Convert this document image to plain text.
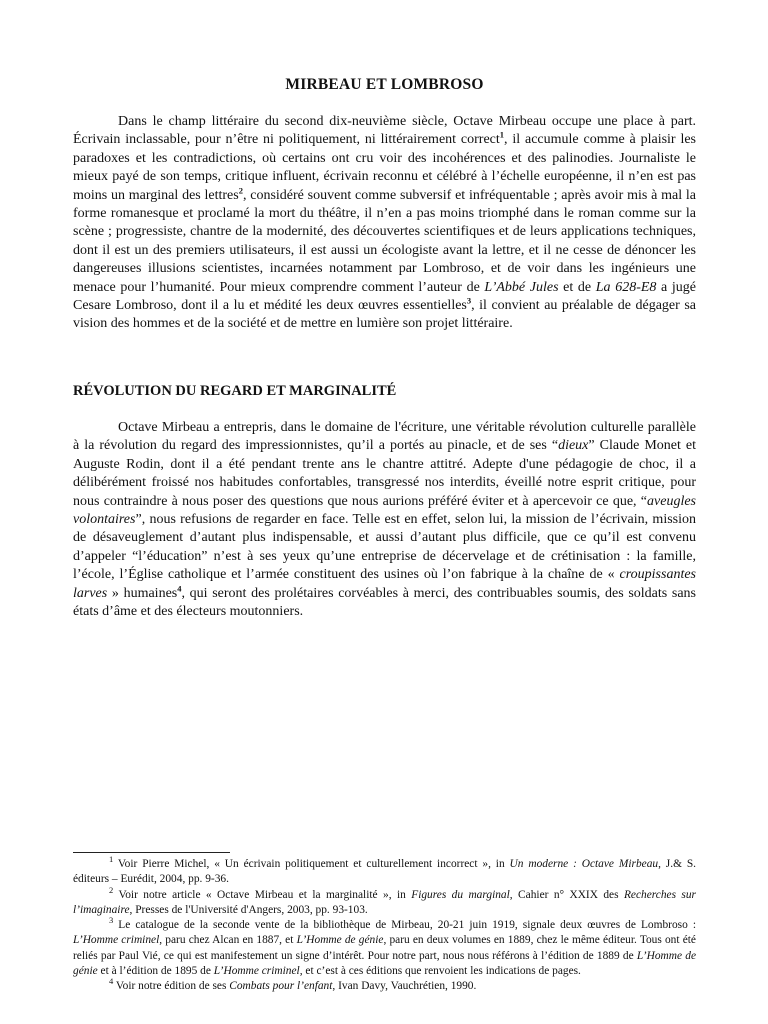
MIRBEAU ET LOMBROSO

Dans le champ littéraire du second dix-neuvième siècle, Octave Mirbeau occupe une place à part. Écrivain inclassable, pour n’être ni politiquement, ni littérairement correct$^1$, il accumule comme à plaisir les paradoxes et les contradictions, où certains ont cru voir des incohérences et des palinodies. Journaliste le mieux payé de son temps, critique influent, écrivain reconnu et célébré à l’échelle européenne, il n’en est pas moins un marginal des lettres$^2$, considéré souvent comme subversif et infréquentable ; après avoir mis à mal la forme romanesque et proclamé la mort du théâtre, il n’en a pas moins triomphé dans le roman comme sur la scène ; progressiste, chantre de la modernité, des découvertes scientifiques et de leurs applications techniques, dont il est un des premiers utilisateurs, il est aussi un écologiste avant la lettre, et il ne cesse de dénoncer les dangereuses illusions scientistes, incarnées notamment par Lombroso, et de voir dans les ingénieurs une menace pour l’humanité. Pour mieux comprendre comment l’auteur de L’Abbé Jules et de La 628-E8 a jugé Cesare Lombroso, dont il a lu et médité les deux œuvres essentielles$^3$, il convient au préalable de dégager sa vision des hommes et de la société et de mettre en lumière son projet littéraire.

RÉVOLUTION DU REGARD ET MARGINALITÉ

Octave Mirbeau a entrepris, dans le domaine de l'écriture, une véritable révolution culturelle parallèle à la révolution du regard des impressionnistes, qu’il a portés au pinacle, et de ses “dieux” Claude Monet et Auguste Rodin, dont il a été pendant trente ans le chantre attitré. Adepte d'une pédagogie de choc, il a délibérément froissé nos habitudes confortables, transgressé nos interdits, éveillé notre esprit critique, pour nous contraindre à nous poser des questions que nous aurions préféré éviter et à apercevoir ce que, “aveugles volontaires”, nous refusions de regarder en face. Telle est en effet, selon lui, la mission de l’écrivain, mission de désaveuglement d’autant plus indispensable, et aussi d’autant plus difficile, que ce qu’il est convenu d’appeler “l’éducation” n’est à ses yeux qu’une entreprise de décervelage et de crétinisation : la famille, l’école, l’Église catholique et l’armée constituent des usines où l’on fabrique à la chaîne de « croupissantes larves » humaines$^4$, qui seront des prolétaires corvéables à merci, des contribuables soumis, des soldats sans états d’âme et des électeurs moutonniers.

$^1$ Voir Pierre Michel, « Un écrivain politiquement et culturellement incorrect », in Un moderne : Octave Mirbeau, J.& S. éditeurs – Eurédit, 2004, pp. 9-36.

$^2$ Voir notre article « Octave Mirbeau et la marginalité », in Figures du marginal, Cahier n° XXIX des Recherches sur l’imaginaire, Presses de l'Université d'Angers, 2003, pp. 93-103.

$^3$ Le catalogue de la seconde vente de la bibliothèque de Mirbeau, 20-21 juin 1919, signale deux œuvres de Lombroso : L’Homme criminel, paru chez Alcan en 1887, et L’Homme de génie, paru en deux volumes en 1889, chez le même éditeur. Tous ont été reliés par Paul Vié, ce qui est manifestement un signe d’intérêt. Pour notre part, nous nous référons à l’édition de 1889 de L’Homme de génie et à l’édition de 1895 de L’Homme criminel, et c’est à ces éditions que renvoient les indications de pages.

$^4$ Voir notre édition de ses Combats pour l’enfant, Ivan Davy, Vauchrétien, 1990.
